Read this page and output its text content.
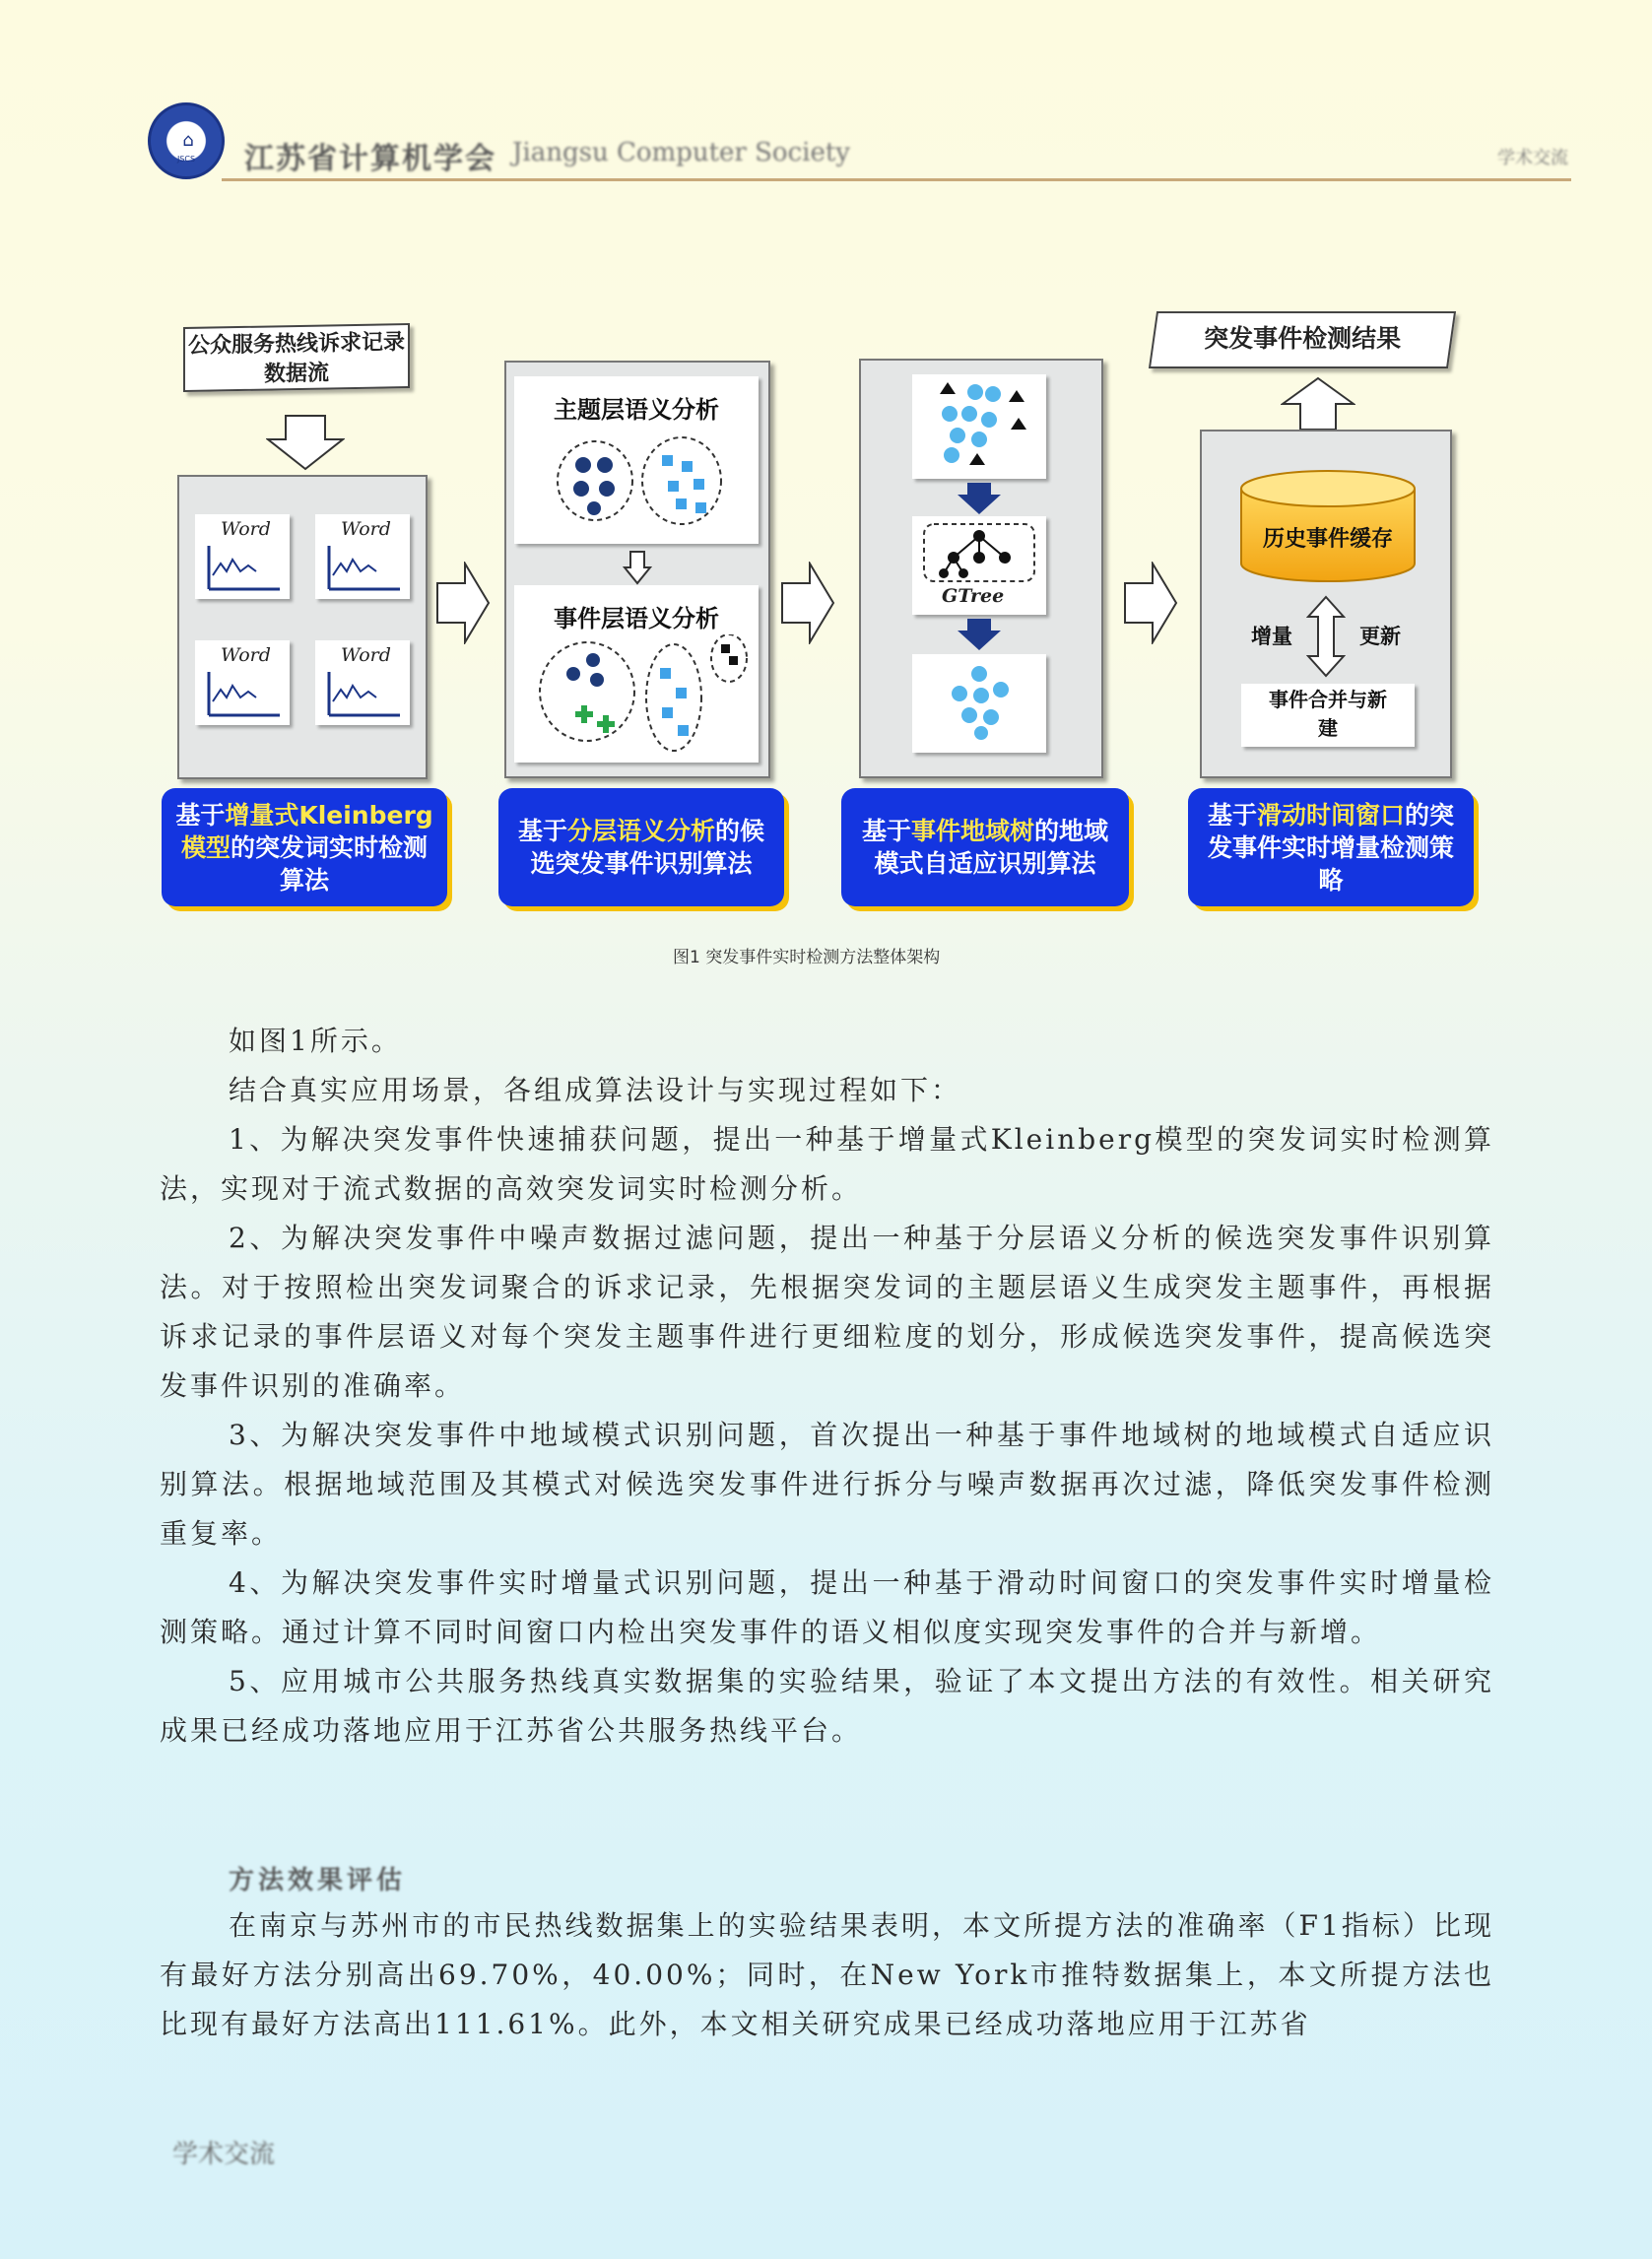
⌂
JSCS	江苏省计算机学会 Jiangsu Computer Society	学术交流
公众服务热线诉求记录数据流
Word	Word
Word	Word
基于增量式Kleinberg模型的突发词实时检测算法
主题层语义分析
事件层语义分析
基于分层语义分析的候选突发事件识别算法
GTree
基于事件地域树的地域模式自适应识别算法
突发事件检测结果
历史事件缓存
增量	更新
事件合并与新建
基于滑动时间窗口的突发事件实时增量检测策略
图1 突发事件实时检测方法整体架构

如图1所示。

结合真实应用场景，各组成算法设计与实现过程如下：

1、为解决突发事件快速捕获问题，提出一种基于增量式Kleinberg模型的突发词实时检测算法，实现对于流式数据的高效突发词实时检测分析。

2、为解决突发事件中噪声数据过滤问题，提出一种基于分层语义分析的候选突发事件识别算法。对于按照检出突发词聚合的诉求记录，先根据突发词的主题层语义生成突发主题事件，再根据诉求记录的事件层语义对每个突发主题事件进行更细粒度的划分，形成候选突发事件，提高候选突发事件识别的准确率。

3、为解决突发事件中地域模式识别问题，首次提出一种基于事件地域树的地域模式自适应识别算法。根据地域范围及其模式对候选突发事件进行拆分与噪声数据再次过滤，降低突发事件检测重复率。

4、为解决突发事件实时增量式识别问题，提出一种基于滑动时间窗口的突发事件实时增量检测策略。通过计算不同时间窗口内检出突发事件的语义相似度实现突发事件的合并与新增。

5、应用城市公共服务热线真实数据集的实验结果，验证了本文提出方法的有效性。相关研究成果已经成功落地应用于江苏省公共服务热线平台。

方法效果评估

在南京与苏州市的市民热线数据集上的实验结果表明，本文所提方法的准确率（F1指标）比现有最好方法分别高出69.70%，40.00%；同时，在New York市推特数据集上，本文所提方法也比现有最好方法高出111.61%。此外，本文相关研究成果已经成功落地应用于江苏省

学术交流
